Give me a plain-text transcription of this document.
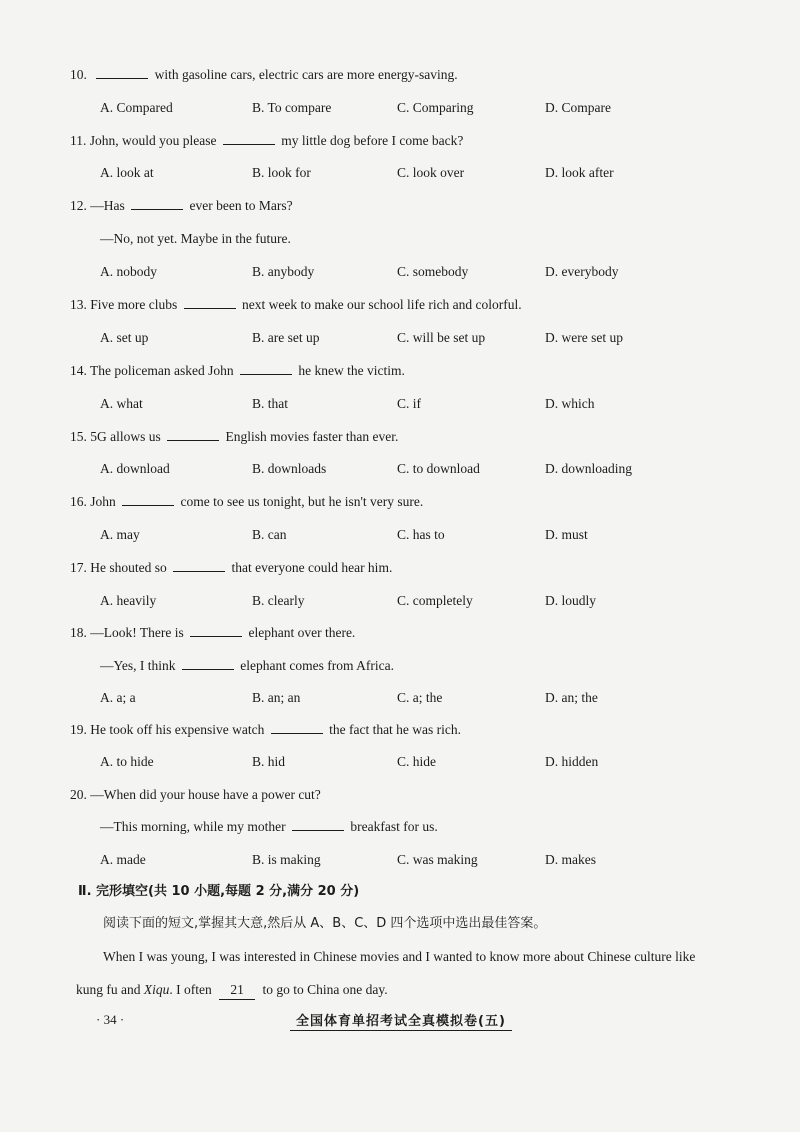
10.	with gasoline cars, electric cars are more energy-saving.
A. Compared	B. To compare	C. Comparing	D. Compare
11. John, would you please	my little dog before I come back?
A. look at	B. look for	C. look over	D. look after
12. —Has	ever been to Mars?
—No, not yet. Maybe in the future.
A. nobody	B. anybody	C. somebody	D. everybody
13. Five more clubs	next week to make our school life rich and colorful.
A. set up	B. are set up	C. will be set up	D. were set up
14. The policeman asked John	he knew the victim.
A. what	B. that	C. if	D. which
15. 5G allows us	English movies faster than ever.
A. download	B. downloads	C. to download	D. downloading
16. John	come to see us tonight, but he isn't very sure.
A. may	B. can	C. has to	D. must
17. He shouted so	that everyone could hear him.
A. heavily	B. clearly	C. completely	D. loudly
18. —Look! There is	elephant over there.
—Yes, I think	elephant comes from Africa.
A. a; a	B. an; an	C. a; the	D. an; the
19. He took off his expensive watch	the fact that he was rich.
A. to hide	B. hid	C. hide	D. hidden
20. —When did your house have a power cut?
—This morning, while my mother	breakfast for us.
A. made	B. is making	C. was making	D. makes
Ⅱ. 完形填空(共 10 小题,每题 2 分,满分 20 分)
阅读下面的短文,掌握其大意,然后从 A、B、C、D 四个选项中选出最佳答案。
When I was young, I was interested in Chinese movies and I wanted to know more about Chinese culture like
kung fu and Xiqu. I often 21 to go to China one day.
· 34 ·	全国体育单招考试全真模拟卷(五)
